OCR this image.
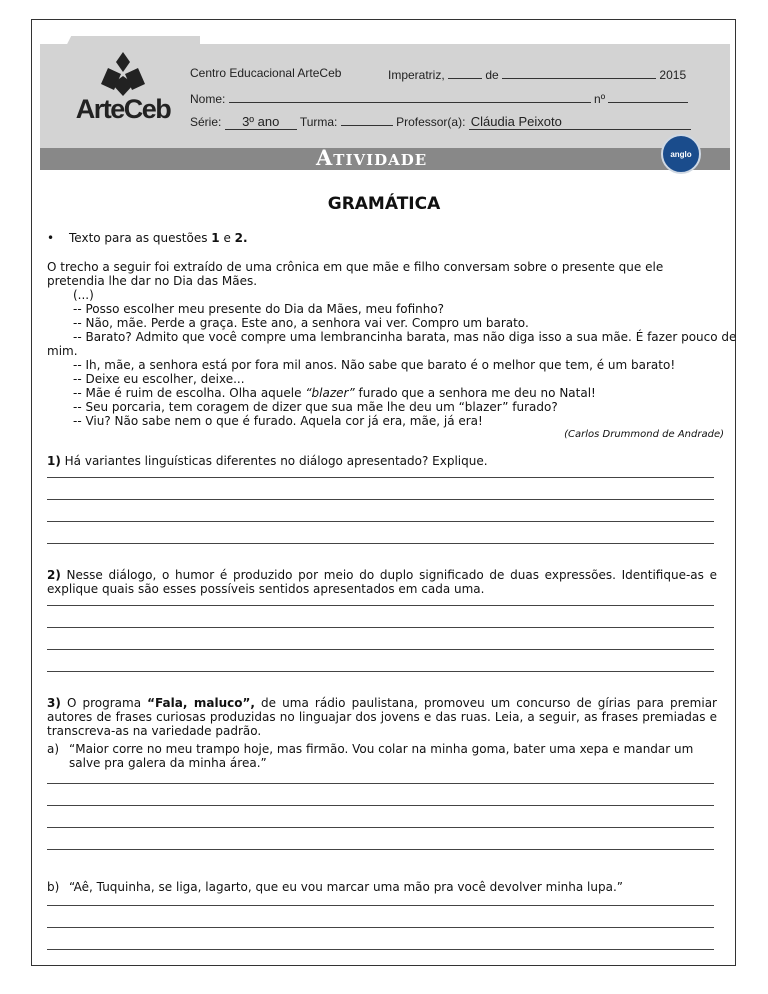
ArteCeb
Centro Educacional ArteCeb	Imperatriz,	de	2015
Nome:	nº
Série: 3º ano Turma:	Professor(a): Cláudia Peixoto
Atividade	anglo
GRAMÁTICA
• Texto para as questões 1 e 2.
O trecho a seguir foi extraído de uma crônica em que mãe e filho conversam sobre o presente que ele pretendia lhe dar no Dia das Mães.
(...)
-- Posso escolher meu presente do Dia da Mães, meu fofinho?
-- Não, mãe. Perde a graça. Este ano, a senhora vai ver. Compro um barato.
-- Barato? Admito que você compre uma lembrancinha barata, mas não diga isso a sua mãe. É fazer pouco de
mim.
-- Ih, mãe, a senhora está por fora mil anos. Não sabe que barato é o melhor que tem, é um barato!
-- Deixe eu escolher, deixe...
-- Mãe é ruim de escolha. Olha aquele “blazer” furado que a senhora me deu no Natal!
-- Seu porcaria, tem coragem de dizer que sua mãe lhe deu um “blazer” furado?
-- Viu? Não sabe nem o que é furado. Aquela cor já era, mãe, já era!
(Carlos Drummond de Andrade)
1) Há variantes linguísticas diferentes no diálogo apresentado? Explique.
2) Nesse diálogo, o humor é produzido por meio do duplo significado de duas expressões. Identifique-as e explique quais são esses possíveis sentidos apresentados em cada uma.
3) O programa “Fala, maluco”, de uma rádio paulistana, promoveu um concurso de gírias para premiar autores de frases curiosas produzidas no linguajar dos jovens e das ruas. Leia, a seguir, as frases premiadas e transcreva-as na variedade padrão.
a) “Maior corre no meu trampo hoje, mas firmão. Vou colar na minha goma, bater uma xepa e mandar um salve pra galera da minha área.”
b) “Aê, Tuquinha, se liga, lagarto, que eu vou marcar uma mão pra você devolver minha lupa.”
